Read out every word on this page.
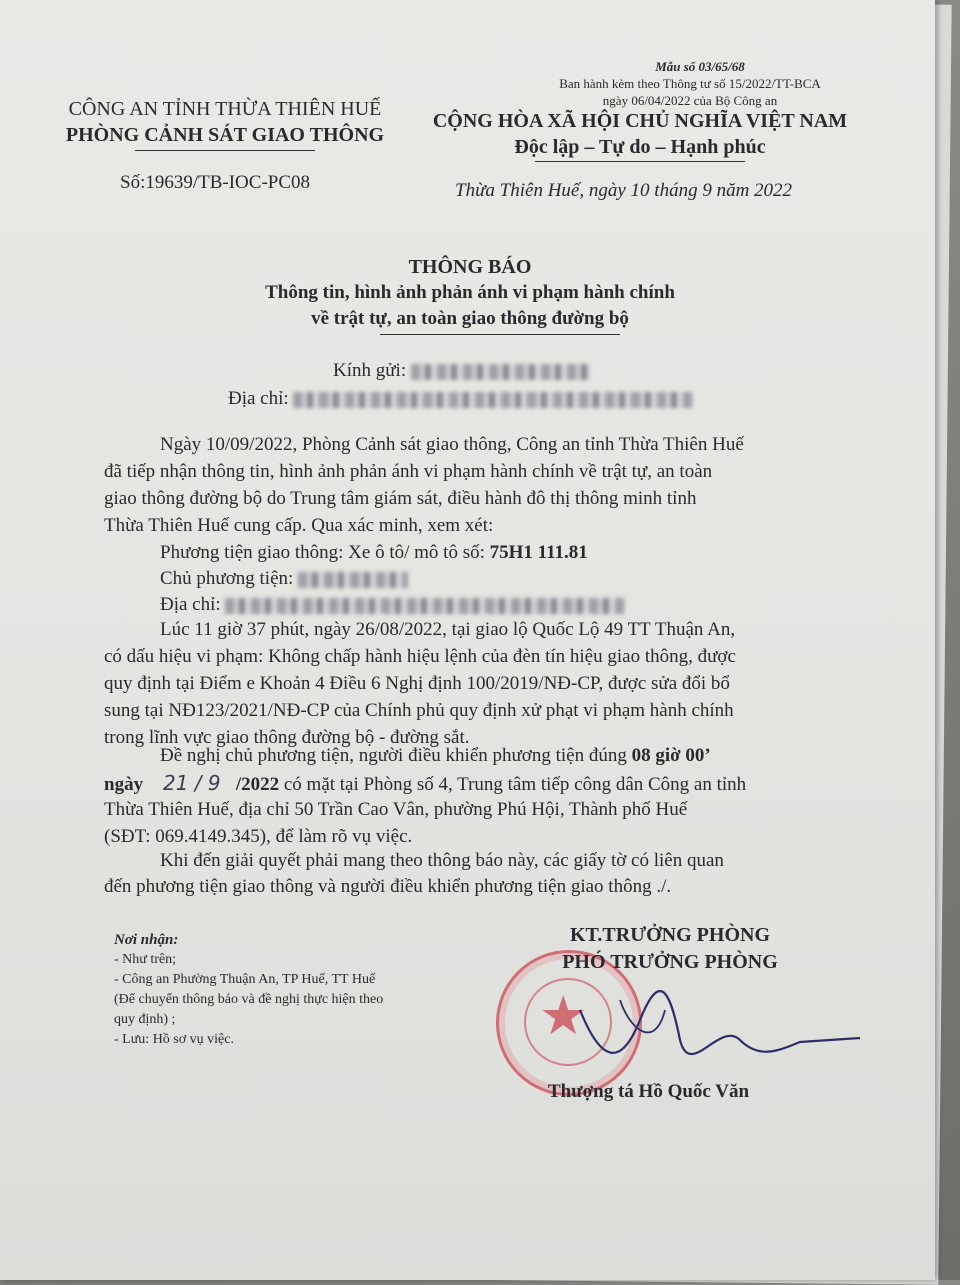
CÔNG AN TỈNH THỪA THIÊN HUẾ
PHÒNG CẢNH SÁT GIAO THÔNG
Số:19639/TB-IOC-PC08
Mẫu số 03/65/68
Ban hành kèm theo Thông tư số 15/2022/TT-BCA
ngày 06/04/2022 của Bộ Công an
CỘNG HÒA XÃ HỘI CHỦ NGHĨA VIỆT NAM
Độc lập – Tự do – Hạnh phúc
Thừa Thiên Huế, ngày 10 tháng 9 năm 2022
THÔNG BÁO
Thông tin, hình ảnh phản ánh vi phạm hành chính
về trật tự, an toàn giao thông đường bộ
Kính gửi:
Địa chỉ:
Ngày 10/09/2022, Phòng Cảnh sát giao thông, Công an tỉnh Thừa Thiên Huế
đã tiếp nhận thông tin, hình ảnh phản ánh vi phạm hành chính về trật tự, an toàn
giao thông đường bộ do Trung tâm giám sát, điều hành đô thị thông minh tỉnh
Thừa Thiên Huế cung cấp. Qua xác minh, xem xét:
Phương tiện giao thông: Xe ô tô/ mô tô số: 75H1 111.81
Chủ phương tiện:
Địa chỉ:
Lúc 11 giờ 37 phút, ngày 26/08/2022, tại giao lộ Quốc Lộ 49 TT Thuận An,
có dấu hiệu vi phạm: Không chấp hành hiệu lệnh của đèn tín hiệu giao thông, được
quy định tại Điểm e Khoản 4 Điều 6 Nghị định 100/2019/NĐ-CP, được sửa đổi bổ
sung tại NĐ123/2021/NĐ-CP của Chính phủ quy định xử phạt vi phạm hành chính
trong lĩnh vực giao thông đường bộ - đường sắt.
Đề nghị chủ phương tiện, người điều khiển phương tiện đúng 08 giờ 00’
ngày 21 / 9 /2022 có mặt tại Phòng số 4, Trung tâm tiếp công dân Công an tỉnh
Thừa Thiên Huế, địa chỉ 50 Trần Cao Vân, phường Phú Hội, Thành phố Huế
(SĐT: 069.4149.345), để làm rõ vụ việc.
Khi đến giải quyết phải mang theo thông báo này, các giấy tờ có liên quan
đến phương tiện giao thông và người điều khiển phương tiện giao thông ./.
Nơi nhận:
- Như trên;
- Công an Phường Thuận An, TP Huế, TT Huế
(Để chuyển thông báo và đề nghị thực hiện theo
quy định) ;
- Lưu: Hồ sơ vụ việc.	★
KT.TRƯỞNG PHÒNG
PHÓ TRƯỞNG PHÒNG
Thượng tá Hồ Quốc Văn
